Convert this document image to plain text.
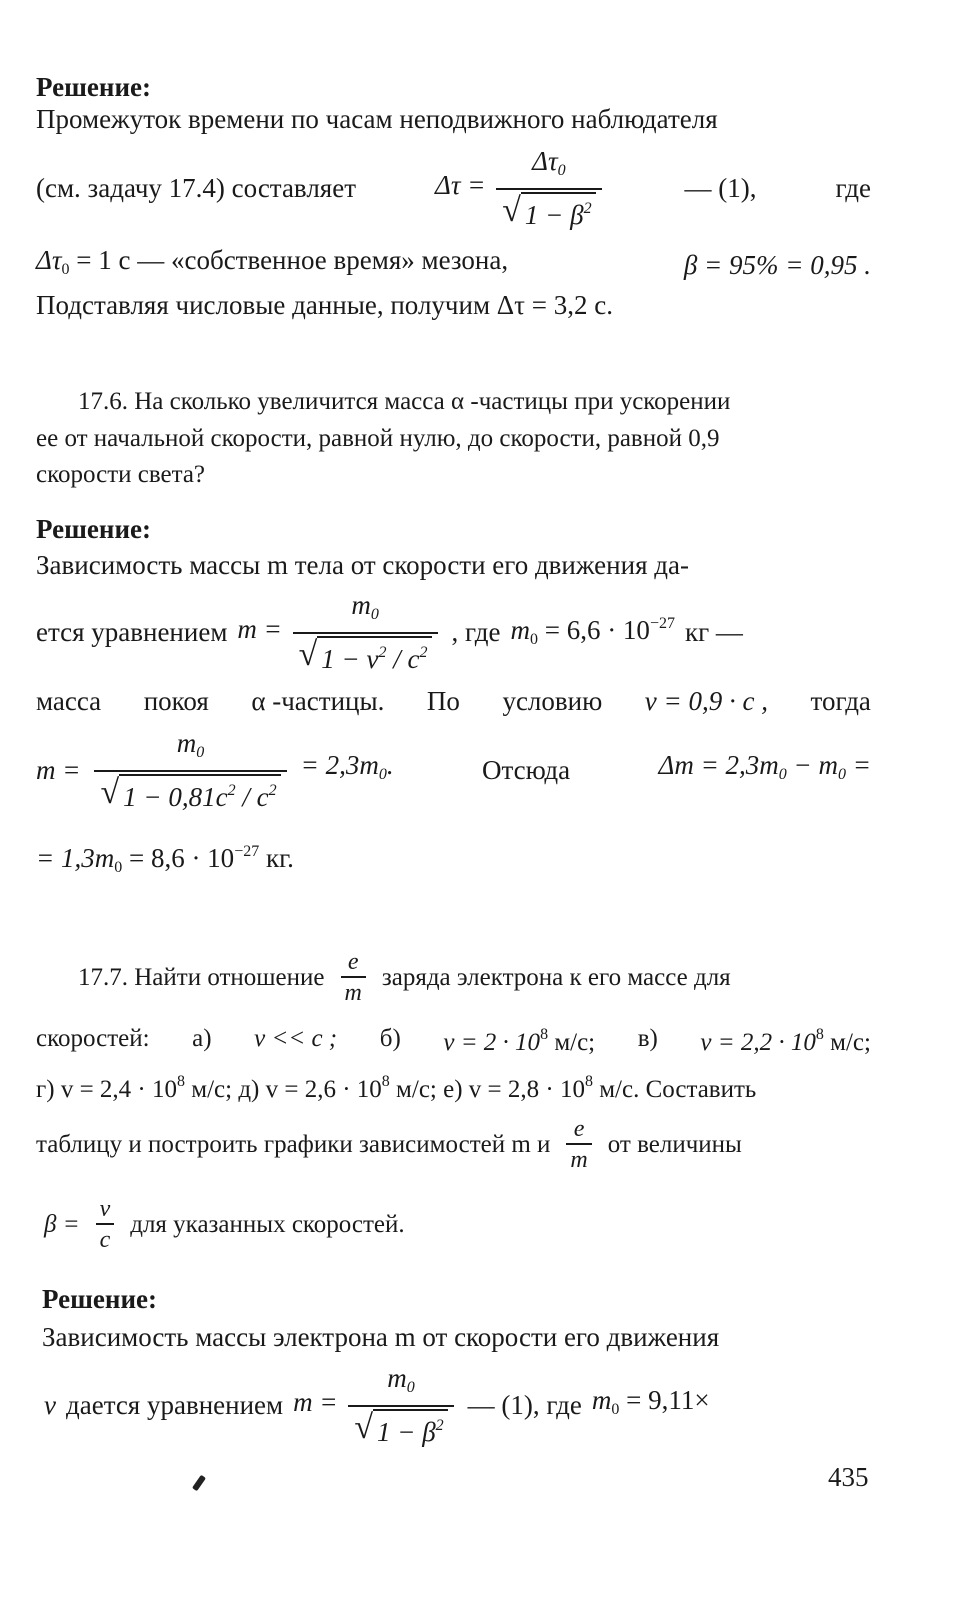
Решение:
Промежуток времени по часам неподвижного наблюдателя
(см. задачу 17.4) составляет	$\Delta\tau = \frac{\Delta\tau_0}{√ 1 - \beta^2}$	— (1),	где
$\Delta\tau_0 = 1$ с — «собственное время» мезона,	β = 95% = 0,95 .
Подставляя числовые данные, получим Δτ = 3,2 с.
17.6. На сколько увеличится масса α -частицы при ускорении
ее от начальной скорости, равной нулю, до скорости, равной 0,9
скорости света?
Решение:
Зависимость массы m тела от скорости его движения да-
ется уравнением $m = \frac{m_0}{√ 1 - v^2 / c^2}$ , где $m_0 = 6,6 \cdot 10^{-27}$ кг —
масса покоя α -частицы. По условию v = 0,9 · c , тогда
$m = \frac{m_0}{√ 1 - 0,81c^2 / c^2} = 2,3m_0$.	Отсюда	$\Delta m = 2,3m_0 - m_0$ =
= $1,3m_0 = 8,6 \cdot 10^{-27}$ кг.
17.7. Найти отношение $\frac{e}{m}$ заряда электрона к его массе для
скоростей: а) v << c ; б) $v = 2 \cdot 10^8$ м/с; в) $v = 2,2 \cdot 10^8$ м/с;
г) $v = 2,4 \cdot 10^8$ м/с; д) $v = 2,6 \cdot 10^8$ м/с; е) $v = 2,8 \cdot 10^8$ м/с. Составить
таблицу и построить графики зависимостей m и $\frac{e}{m}$ от величины
$\beta = \frac{v}{c}$ для указанных скоростей.
Решение:
Зависимость массы электрона m от скорости его движения
v дается уравнением $m = \frac{m_0}{√ 1 - \beta^2}$ — (1), где $m_0 = 9,11\times$
435
